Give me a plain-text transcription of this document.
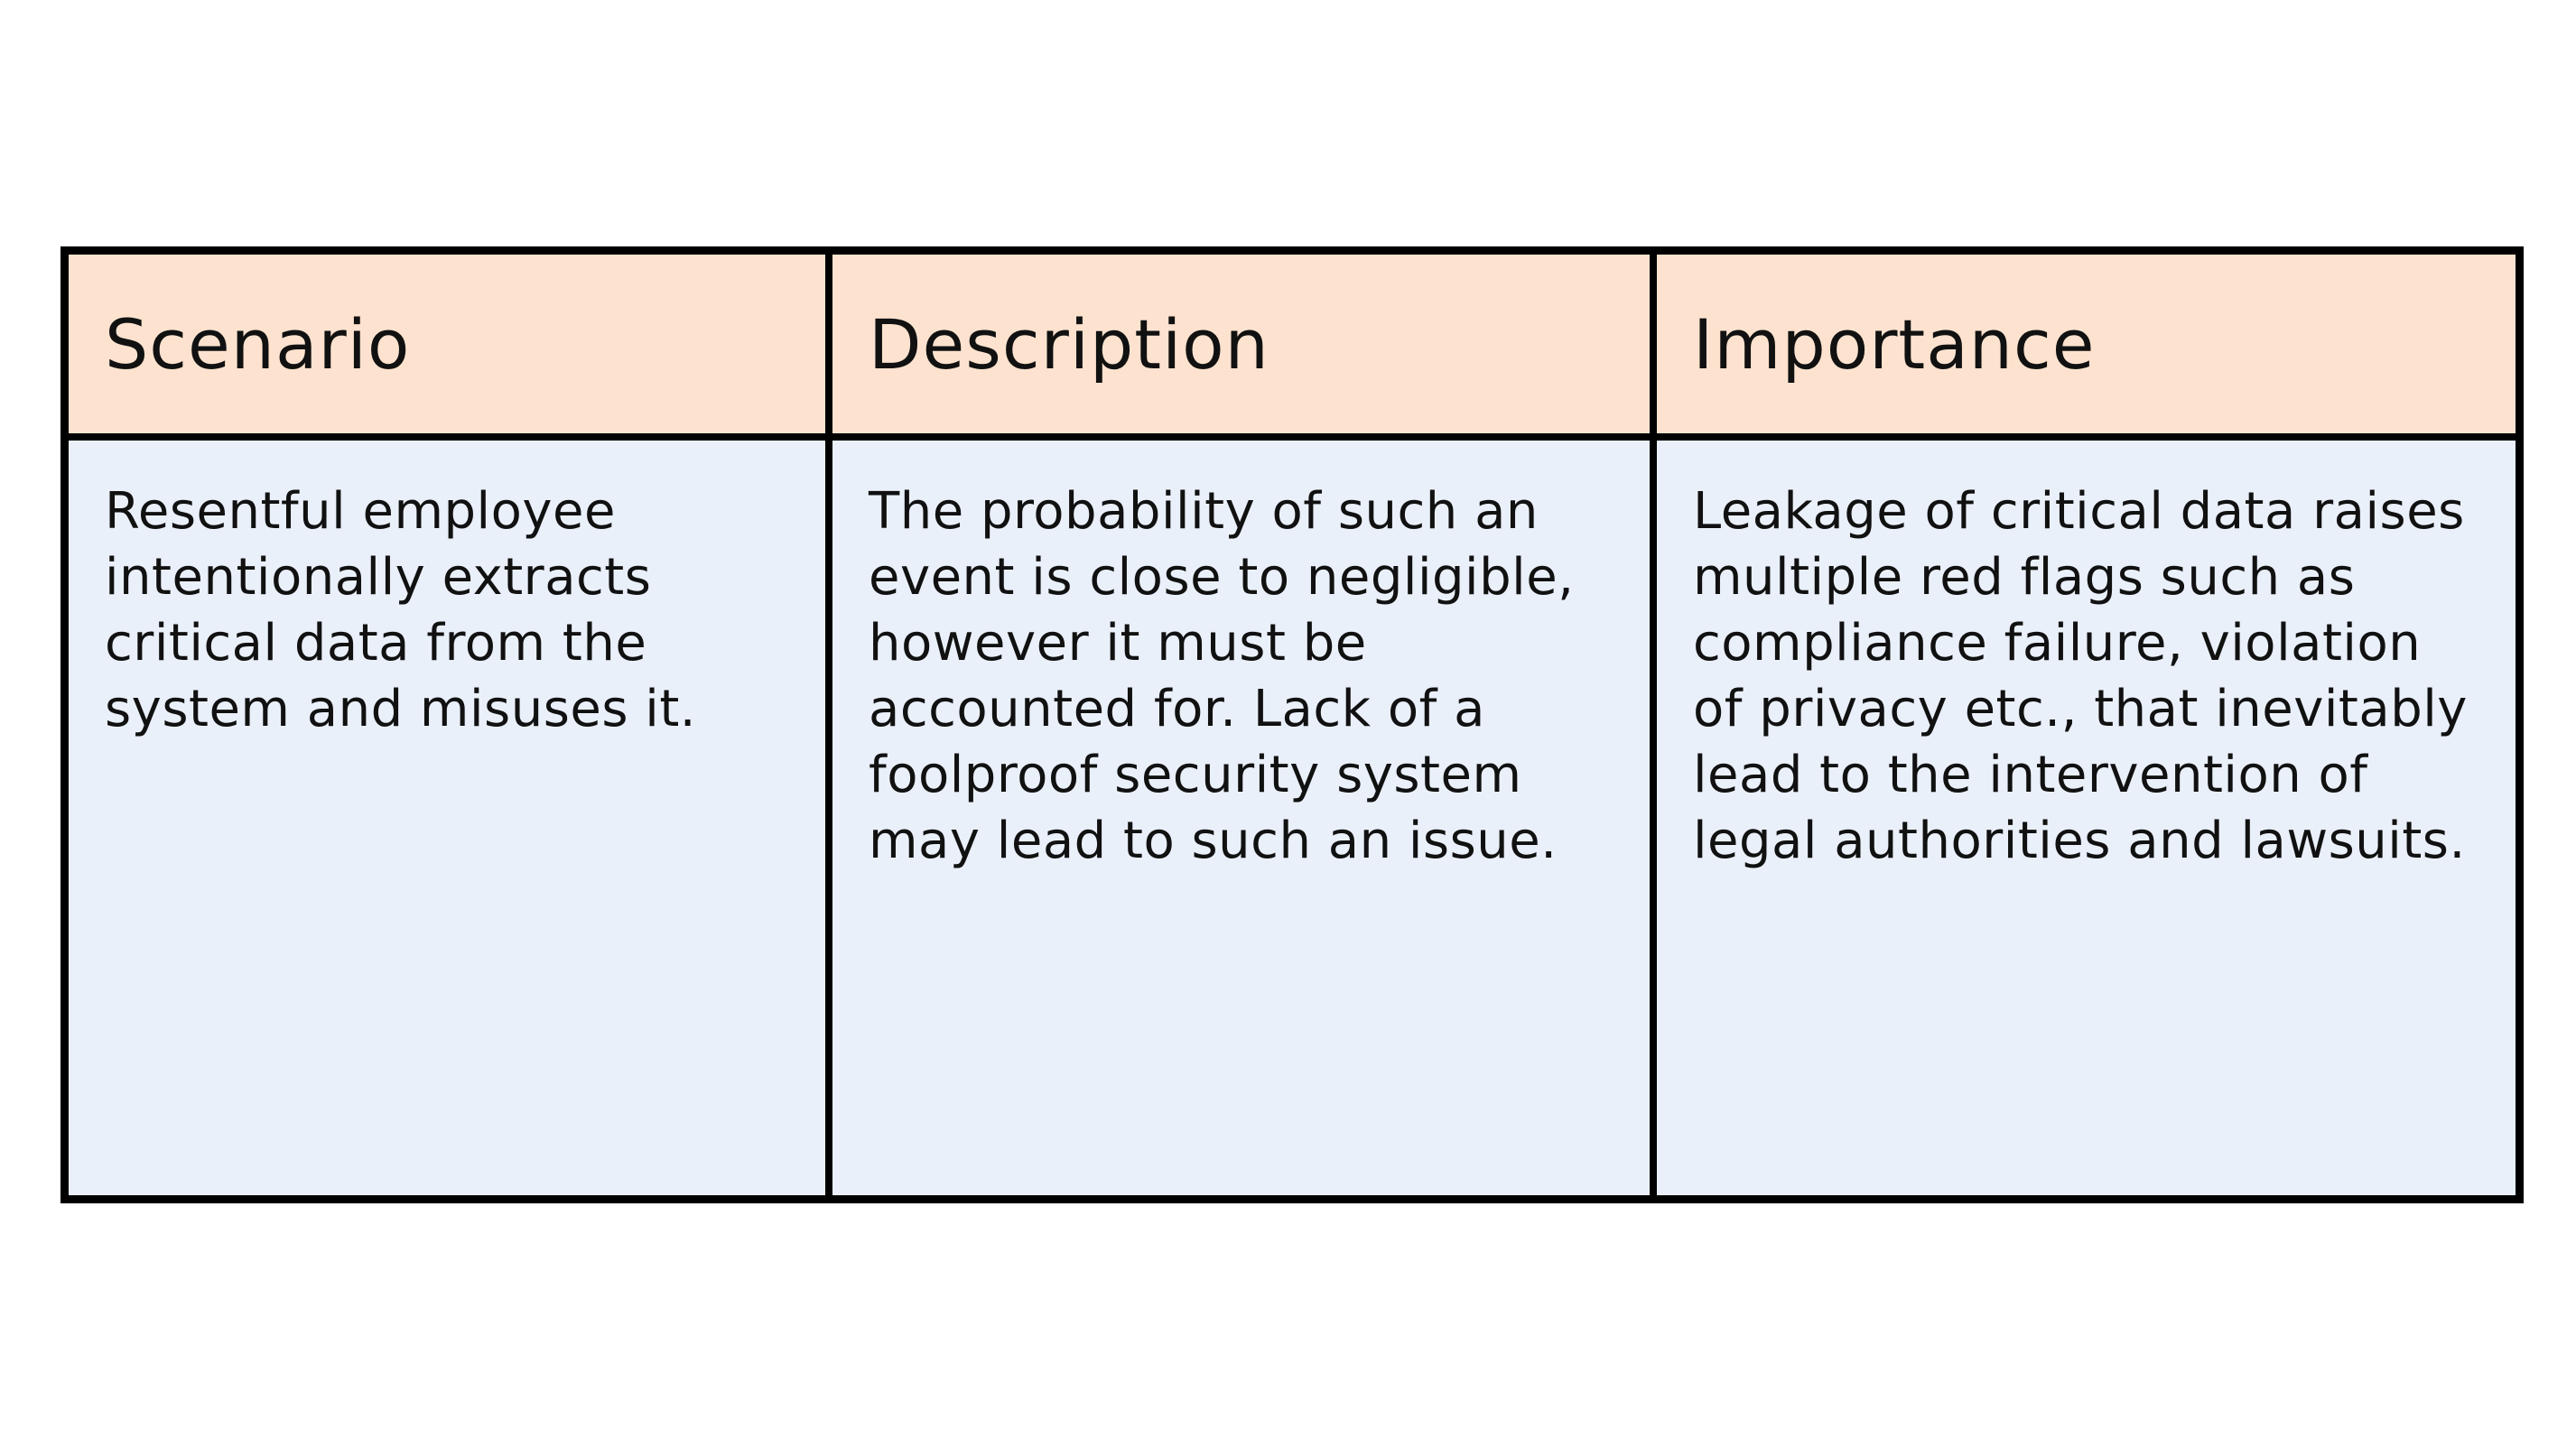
Scenario	Description	Importance
Resentful employee intentionally extracts critical data from the system and misuses it.
The probability of such an event is close to negligible, however it must be accounted for. Lack of a foolproof security system may lead to such an issue.
Leakage of critical data raises multiple red flags such as compliance failure, violation of privacy etc., that inevitably lead to the intervention of legal authorities and lawsuits.
